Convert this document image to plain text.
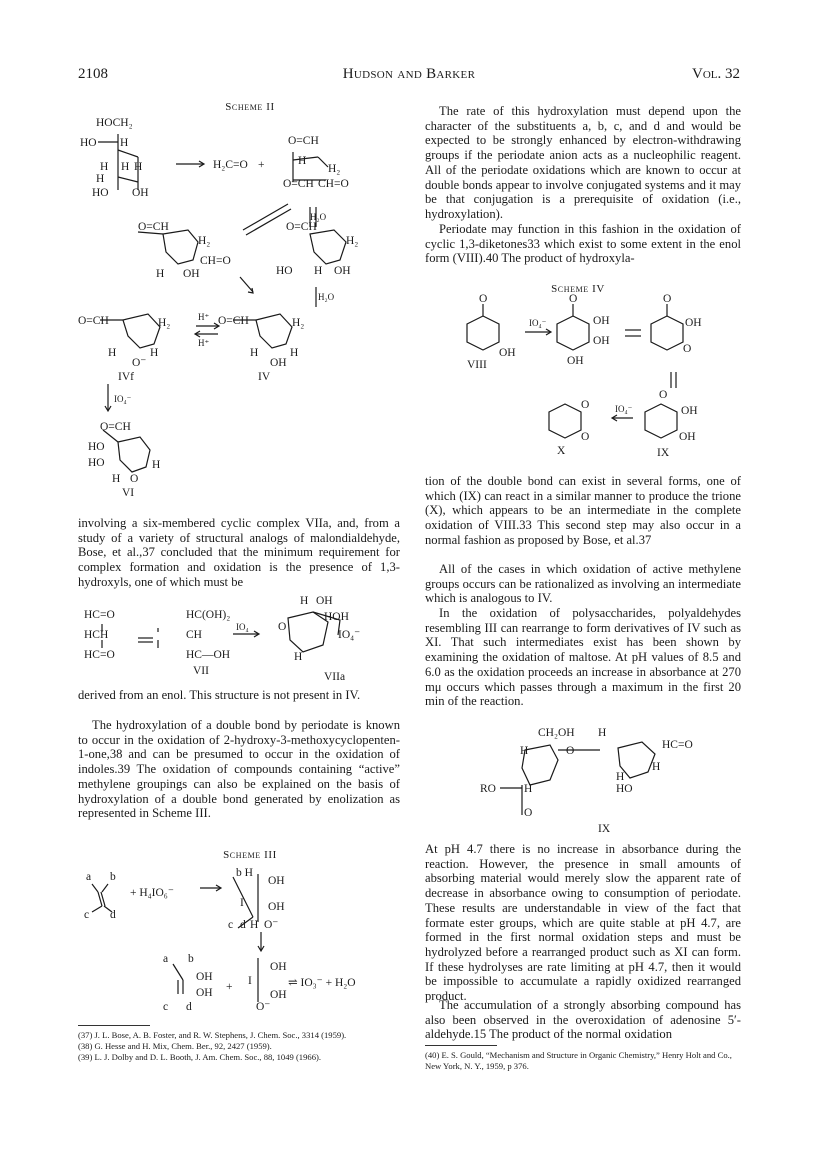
2108	Hudson and Barker	Vol. 32
Scheme II
HOCH₂
HO H
H H H
H
HO OH
H₂C=O +
O=CH
H
H₂
O=CH CH=O
H₂O
O=CH
H₂
H OH
CH=O
O=CH
H₂
HO H OH
H₂O
O=CH	H₂
H	H
O⁻
H⁺
H⁺
O=CH	H₂
H	H
OH
IVf	IV
IO₄⁻
O=CH
HO
HO	H
H O
VI

involving a six-membered cyclic complex VIIa, and, from a study of a variety of structural analogs of malondialdehyde, Bose, et al.,37 concluded that the minimum requirement for complex formation and oxidation is the presence of 1,3-hydroxyls, one of which must be

HC=O
HCH
HC=O
HC(OH)₂
CH
HC—OH
VII
IO₄
H OH
HOH
IO₄⁻
O
H
VIIa

derived from an enol. This structure is not present in IV.

The hydroxylation of a double bond by periodate is known to occur in the oxidation of 2-hydroxy-3-methoxycyclopenten-1-one,38 and can be presumed to occur in the oxidation of indoles.39 The oxidation of compounds containing “active” methylene groupings can also be explained on the basis of hydroxylation of a double bond generated by enolization as represented in Scheme III.

Scheme III
a b
c d
+ H₄IO₆⁻
b H
OH
I OH
c d H O⁻
a b
OH
OH
c d
+
OH
OH
I
O⁻
⇌ IO₃⁻ + H₂O

(37) J. L. Bose, A. B. Foster, and R. W. Stephens, J. Chem. Soc., 3314 (1959).

(38) G. Hesse and H. Mix, Chem. Ber., 92, 2427 (1959).

(39) L. J. Dolby and D. L. Booth, J. Am. Chem. Soc., 88, 1049 (1966).

The rate of this hydroxylation must depend upon the character of the substituents a, b, c, and d and would be expected to be strongly enhanced by electron-withdrawing groups if the periodate anion acts as a nucleophilic reagent. All of the periodate oxidations which are known to occur at double bonds appear to involve conjugated systems and it may be that conjugation is a prerequisite of oxidation (i.e., hydroxylation).

Periodate may function in this fashion in the oxidation of cyclic 1,3-diketones33 which exist to some extent in the enol form (VIII).40 The product of hydroxyla-

Scheme IV
O
OH
VIII
IO₄⁻
O
OH
OH
OH
O
OH
O
O
O
X
IO₄⁻
O
OH
OH
IX

tion of the double bond can exist in several forms, one of which (IX) can react in a similar manner to produce the trione (X), which appears to be an intermediate in the complete oxidation of VIII.33 This second step may also occur in a normal fashion as proposed by Bose, et al.37

All of the cases in which oxidation of active methylene groups occurs can be rationalized as involving an intermediate which is analogous to IV.

In the oxidation of polysaccharides, polyaldehydes resembling III can rearrange to form derivatives of IV such as XI. That such intermediates exist has been shown by examining the oxidation of maltose. At pH values of 8.5 and 6.0 as the oxidation proceeds an increase in absorbance at 270 mμ occurs which passes through a maximum in the first 20 min of the reaction.

CH₂OH H
H	O	HC=O
H
H
HO
RO H
O
IX

At pH 4.7 there is no increase in absorbance during the reaction. However, the presence in small amounts of absorbing material would merely slow the apparent rate of decrease in absorbance owing to consumption of periodate. These results are understandable in view of the fact that formate ester groups, which are quite stable at pH 4.7, are formed in the first normal oxidation steps and must be hydrolyzed before a rearranged product such as XI can form. If these hydrolyses are rate limiting at pH 4.7, then it would be impossible to accumulate a rapidly oxidized rearranged product.

The accumulation of a strongly absorbing compound has also been observed in the overoxidation of adenosine 5′-aldehyde.15 The product of the normal oxidation

(40) E. S. Gould, “Mechanism and Structure in Organic Chemistry,” Henry Holt and Co., New York, N. Y., 1959, p 376.
